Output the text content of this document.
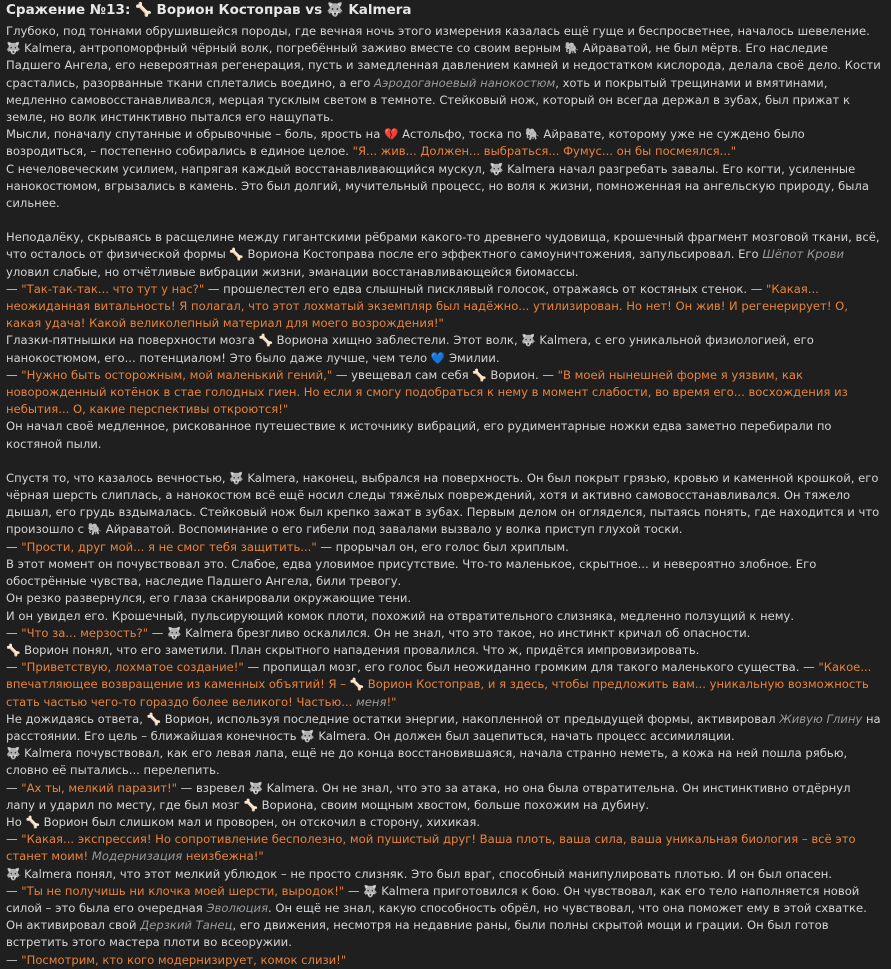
Сражение №13: 🦴 Ворион Костоправ vs 🐺 Kalmera

Глубоко, под тоннами обрушившейся породы, где вечная ночь этого измерения казалась ещё гуще и беспросветнее, началось шевеление. 🐺 Kalmera, антропоморфный чёрный волк, погребённый заживо вместе со своим верным 🐘 Айраватой, не был мёртв. Его наследие Падшего Ангела, его невероятная регенерация, пусть и замедленная давлением камней и недостатком кислорода, делала своё дело. Кости срастались, разорванные ткани сплетались воедино, а его Аэродоганоевый нанокостюм, хоть и покрытый трещинами и вмятинами, медленно самовосстанавливался, мерцая тусклым светом в темноте. Стейковый нож, который он всегда держал в зубах, был прижат к земле, но волк инстинктивно пытался его нащупать.

Мысли, поначалу спутанные и обрывочные – боль, ярость на 💔 Астольфо, тоска по 🐘 Айравате, которому уже не суждено было возродиться, – постепенно собирались в единое целое. "Я... жив... Должен... выбраться... Фумус... он бы посмеялся..."

С нечеловеческим усилием, напрягая каждый восстанавливающийся мускул, 🐺 Kalmera начал разгребать завалы. Его когти, усиленные нанокостюмом, вгрызались в камень. Это был долгий, мучительный процесс, но воля к жизни, помноженная на ангельскую природу, была сильнее.

Неподалёку, скрываясь в расщелине между гигантскими рёбрами какого-то древнего чудовища, крошечный фрагмент мозговой ткани, всё, что осталось от физической формы 🦴 Вориона Костоправа после его эффектного самоуничтожения, запульсировал. Его Шёпот Крови уловил слабые, но отчётливые вибрации жизни, эманации восстанавливающейся биомассы.

— "Так-так-так... что тут у нас?" — прошелестел его едва слышный писклявый голосок, отражаясь от костяных стенок. — "Какая... неожиданная витальность! Я полагал, что этот лохматый экземпляр был надёжно... утилизирован. Но нет! Он жив! И регенерирует! О, какая удача! Какой великолепный материал для моего возрождения!"

Глазки-пятнышки на поверхности мозга 🦴 Вориона хищно заблестели. Этот волк, 🐺 Kalmera, с его уникальной физиологией, его нанокостюмом, его... потенциалом! Это было даже лучше, чем тело 💙 Эмилии.

— "Нужно быть осторожным, мой маленький гений," — увещевал сам себя 🦴 Ворион. — "В моей нынешней форме я уязвим, как новорожденный котёнок в стае голодных гиен. Но если я смогу подобраться к нему в момент слабости, во время его... восхождения из небытия... О, какие перспективы откроются!"

Он начал своё медленное, рискованное путешествие к источнику вибраций, его рудиментарные ножки едва заметно перебирали по костяной пыли.

Спустя то, что казалось вечностью, 🐺 Kalmera, наконец, выбрался на поверхность. Он был покрыт грязью, кровью и каменной крошкой, его чёрная шерсть слиплась, а нанокостюм всё ещё носил следы тяжёлых повреждений, хотя и активно самовосстанавливался. Он тяжело дышал, его грудь вздымалась. Стейковый нож был крепко зажат в зубах. Первым делом он огляделся, пытаясь понять, где находится и что произошло с 🐘 Айраватой. Воспоминание о его гибели под завалами вызвало у волка приступ глухой тоски.

— "Прости, друг мой... я не смог тебя защитить..." — прорычал он, его голос был хриплым.

В этот момент он почувствовал это. Слабое, едва уловимое присутствие. Что-то маленькое, скрытное... и невероятно злобное. Его обострённые чувства, наследие Падшего Ангела, били тревогу.

Он резко развернулся, его глаза сканировали окружающие тени.

И он увидел его. Крошечный, пульсирующий комок плоти, похожий на отвратительного слизняка, медленно ползущий к нему.

— "Что за... мерзость?" — 🐺 Kalmera брезгливо оскалился. Он не знал, что это такое, но инстинкт кричал об опасности.

🦴 Ворион понял, что его заметили. План скрытного нападения провалился. Что ж, придётся импровизировать.

— "Приветствую, лохматое создание!" — пропищал мозг, его голос был неожиданно громким для такого маленького существа. — "Какое... впечатляющее возвращение из каменных объятий! Я – 🦴 Ворион Костоправ, и я здесь, чтобы предложить вам... уникальную возможность стать частью чего-то гораздо более великого! Частью... меня!"

Не дожидаясь ответа, 🦴 Ворион, используя последние остатки энергии, накопленной от предыдущей формы, активировал Живую Глину на расстоянии. Его цель – ближайшая конечность 🐺 Kalmera. Он должен был зацепиться, начать процесс ассимиляции.

🐺 Kalmera почувствовал, как его левая лапа, ещё не до конца восстановившаяся, начала странно неметь, а кожа на ней пошла рябью, словно её пытались... перелепить.

— "Ах ты, мелкий паразит!" — взревел 🐺 Kalmera. Он не знал, что это за атака, но она была отвратительна. Он инстинктивно отдёрнул лапу и ударил по месту, где был мозг 🦴 Вориона, своим мощным хвостом, больше похожим на дубину.

Но 🦴 Ворион был слишком мал и проворен, он отскочил в сторону, хихикая.

— "Какая... экспрессия! Но сопротивление бесполезно, мой пушистый друг! Ваша плоть, ваша сила, ваша уникальная биология – всё это станет моим! Модернизация неизбежна!"

🐺 Kalmera понял, что этот мелкий ублюдок – не просто слизняк. Это был враг, способный манипулировать плотью. И он был опасен.

— "Ты не получишь ни клочка моей шерсти, выродок!" — 🐺 Kalmera приготовился к бою. Он чувствовал, как его тело наполняется новой силой – это была его очередная Эволюция. Он ещё не знал, какую способность обрёл, но чувствовал, что она поможет ему в этой схватке.

Он активировал свой Дерзкий Танец, его движения, несмотря на недавние раны, были полны скрытой мощи и грации. Он был готов встретить этого мастера плоти во всеоружии.

— "Посмотрим, кто кого модернизирует, комок слизи!"
